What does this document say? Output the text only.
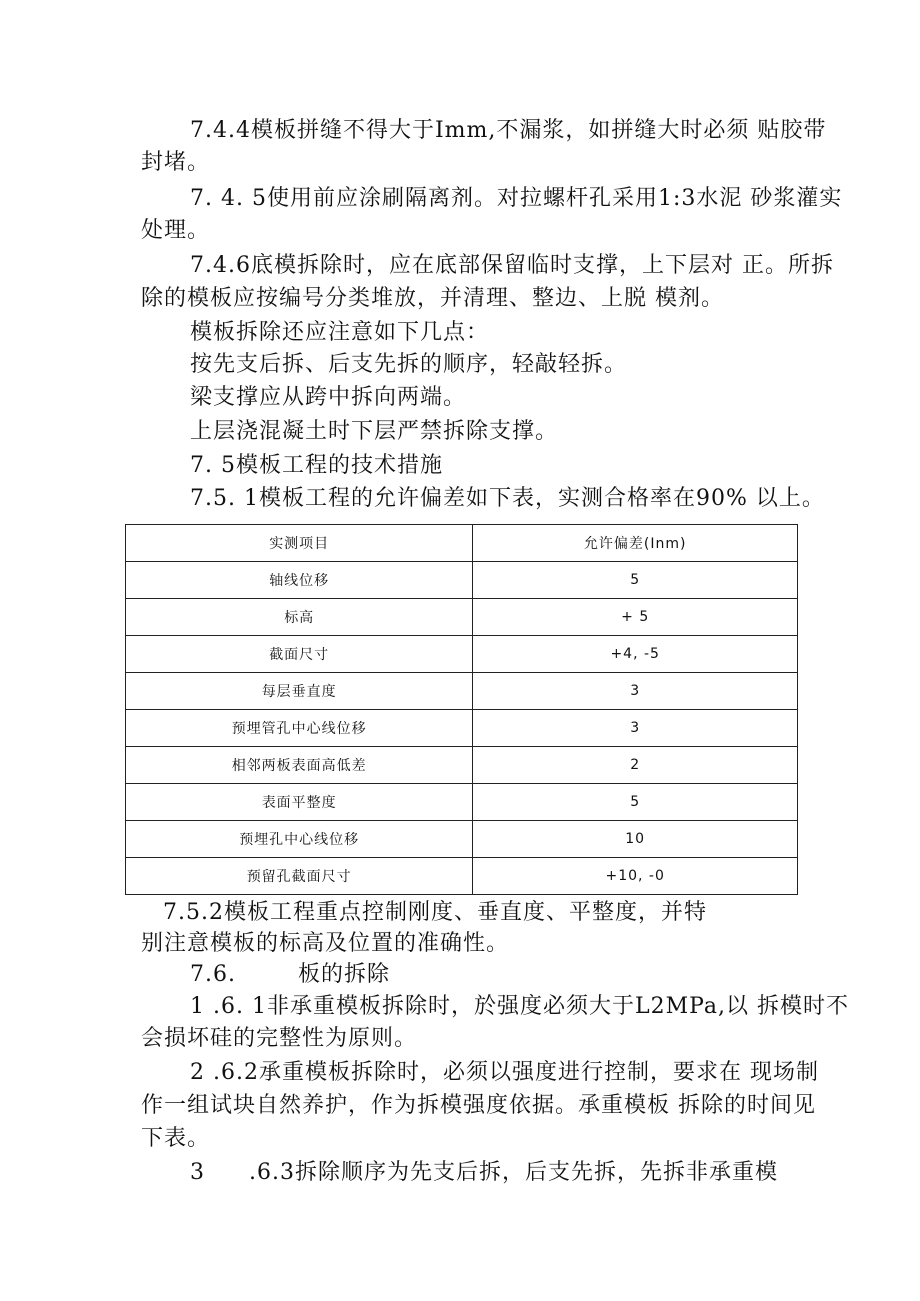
7.4.4模板拼缝不得大于Imm,不漏浆，如拼缝大时必须 贴胶带
封堵。
7. 4. 5使用前应涂刷隔离剂。对拉螺杆孔采用1:3水泥 砂浆灌实
处理。
7.4.6底模拆除时，应在底部保留临时支撑，上下层对 正。所拆
除的模板应按编号分类堆放，并清理、整边、上脱 模剂。
模板拆除还应注意如下几点：
按先支后拆、后支先拆的顺序，轻敲轻拆。
梁支撑应从跨中拆向两端。
上层浇混凝土时下层严禁拆除支撑。
7. 5模板工程的技术措施
7.5. 1模板工程的允许偏差如下表，实测合格率在90% 以上。
实测项目	允许偏差(Inm)
轴线位移	5
标高	+ 5
截面尺寸	+4, -5
每层垂直度	3
预埋管孔中心线位移	3
相邻两板表面高低差	2
表面平整度	5
预埋孔中心线位移	10
预留孔截面尺寸	+10, -0
7.5.2模板工程重点控制刚度、垂直度、平整度，并特
别注意模板的标高及位置的准确性。
7.6.	板的拆除
1 .6. 1非承重模板拆除时，於强度必须大于L2MPa,以 拆模时不
会损坏硅的完整性为原则。
2 .6.2承重模板拆除时，必须以强度进行控制，要求在 现场制
作一组试块自然养护，作为拆模强度依据。承重模板 拆除的时间见
下表。
3 .6.3拆除顺序为先支后拆，后支先拆，先拆非承重模
